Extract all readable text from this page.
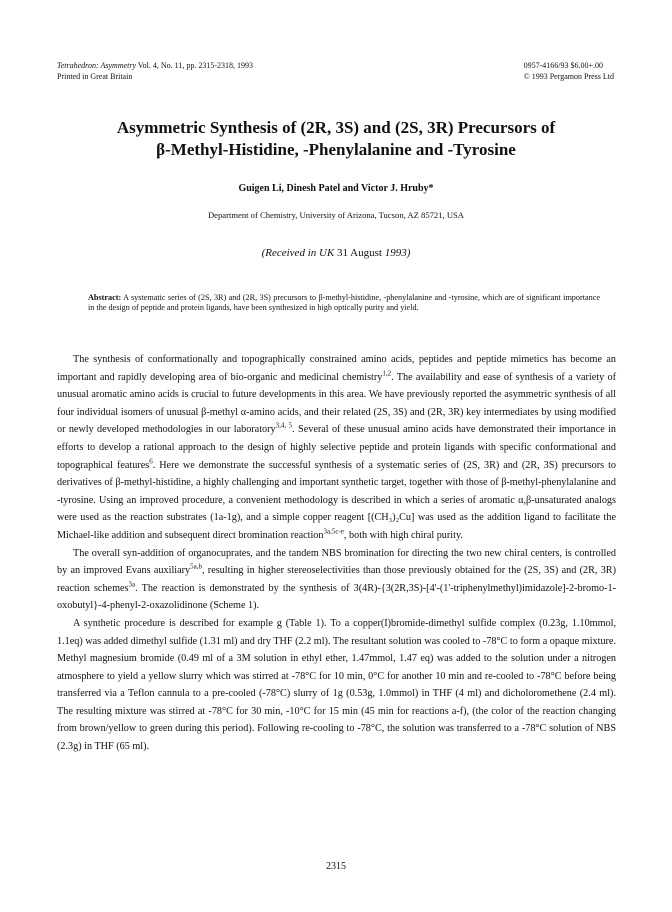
Tetrahedron: Asymmetry Vol. 4, No. 11, pp. 2315-2318, 1993
Printed in Great Britain
0957-4166/93 $6.00+.00
© 1993 Pergamon Press Ltd
Asymmetric Synthesis of (2R, 3S) and (2S, 3R) Precursors of
β-Methyl-Histidine, -Phenylalanine and -Tyrosine
Guigen Li, Dinesh Patel and Victor J. Hruby*
Department of Chemistry, University of Arizona, Tucson, AZ 85721, USA
(Received in UK 31 August 1993)
Abstract: A systematic series of (2S, 3R) and (2R, 3S) precursors to β-methyl-histidine, -phenylalanine and -tyrosine, which are of significant importance in the design of peptide and protein ligands, have been synthesized in high optically purity and yield.

The synthesis of conformationally and topographically constrained amino acids, peptides and peptide mimetics has become an important and rapidly developing area of bio-organic and medicinal chemistry$^{1,2}$. The availability and ease of synthesis of a variety of unusual aromatic amino acids is crucial to future developments in this area. We have previously reported the asymmetric synthesis of all four individual isomers of unusual β-methyl α-amino acids, and their related (2S, 3S) and (2R, 3R) key intermediates by using modified or newly developed methodologies in our laboratory$^{3,4, 5}$. Several of these unusual amino acids have demonstrated their importance in efforts to develop a rational approach to the design of highly selective peptide and protein ligands with specific conformational and topographical features$^6$. Here we demonstrate the successful synthesis of a systematic series of (2S, 3R) and (2R, 3S) precursors to derivatives of β-methyl-histidine, a highly challenging and important synthetic target, together with those of β-methyl-phenylalanine and -tyrosine. Using an improved procedure, a convenient methodology is described in which a series of aromatic α,β-unsaturated analogs were used as the reaction substrates (1a-1g), and a simple copper reagent [(CH₃)₂Cu] was used as the addition ligand to facilitate the Michael-like addition and subsequent direct bromination reaction$^{3a,5c-e}$, both with high chiral purity.

The overall syn-addition of organocuprates, and the tandem NBS bromination for directing the two new chiral centers, is controlled by an improved Evans auxiliary$^{5a,b}$, resulting in higher stereoselectivities than those previously obtained for the (2S, 3S) and (2R, 3R) reaction schemes$^{3a}$. The reaction is demonstrated by the synthesis of 3(4R)-{3(2R,3S)-[4'-(1'-triphenylmethyl)imidazole]-2-bromo-1-oxobutyl}-4-phenyl-2-oxazolidinone (Scheme 1).

A synthetic procedure is described for example g (Table 1). To a copper(I)bromide-dimethyl sulfide complex (0.23g, 1.10mmol, 1.1eq) was added dimethyl sulfide (1.31 ml) and dry THF (2.2 ml). The resultant solution was cooled to -78°C to form a opaque mixture. Methyl magnesium bromide (0.49 ml of a 3M solution in ethyl ether, 1.47mmol, 1.47 eq) was added to the solution under a nitrogen atmosphere to yield a yellow slurry which was stirred at -78°C for 10 min, 0°C for another 10 min and re-cooled to -78°C before being transferred via a Teflon cannula to a pre-cooled (-78°C) slurry of 1g (0.53g, 1.0mmol) in THF (4 ml) and dicholoromethene (2.4 ml). The resulting mixture was stirred at -78°C for 30 min, -10°C for 15 min (45 min for reactions a-f), (the color of the reaction changing from brown/yellow to green during this period). Following re-cooling to -78°C, the solution was transferred to a -78°C solution of NBS (2.3g) in THF (65 ml).

2315
